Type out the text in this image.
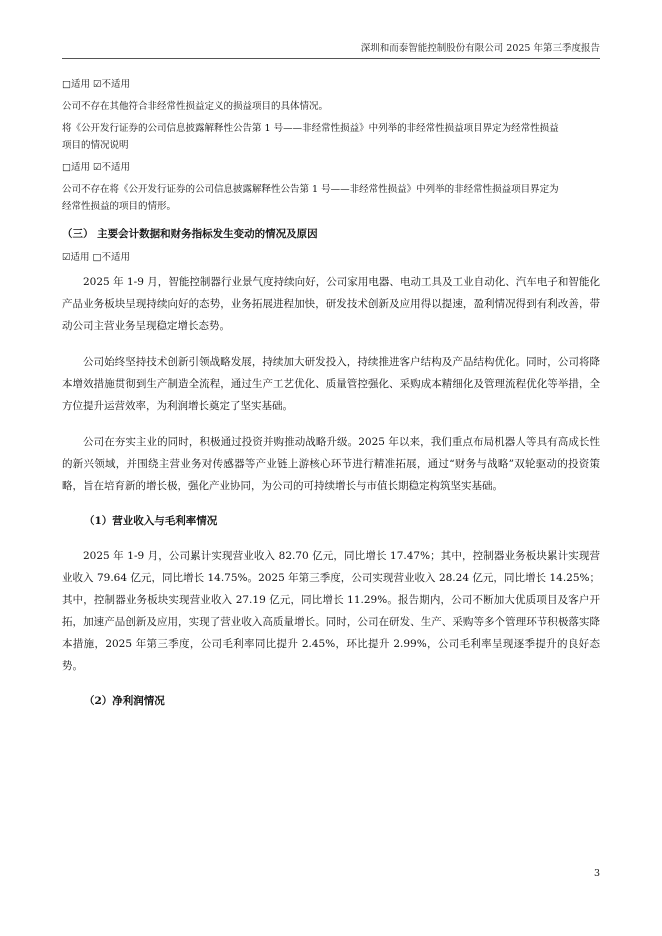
深圳和而泰智能控制股份有限公司 2025 年第三季度报告

□适用 ☑不适用

公司不存在其他符合非经常性损益定义的损益项目的具体情况。

将《公开发行证券的公司信息披露解释性公告第 1 号——非经常性损益》中列举的非经常性损益项目界定为经常性损益

项目的情况说明

□适用 ☑不适用

公司不存在将《公开发行证券的公司信息披露解释性公告第 1 号——非经常性损益》中列举的非经常性损益项目界定为

经常性损益的项目的情形。

（三） 主要会计数据和财务指标发生变动的情况及原因

☑适用 □不适用

2025 年 1-9 月，智能控制器行业景气度持续向好，公司家用电器、电动工具及工业自动化、汽车电子和智能化产品业务板块呈现持续向好的态势，业务拓展进程加快，研发技术创新及应用得以提速，盈利情况得到有利改善，带动公司主营业务呈现稳定增长态势。

公司始终坚持技术创新引领战略发展，持续加大研发投入，持续推进客户结构及产品结构优化。同时，公司将降本增效措施贯彻到生产制造全流程，通过生产工艺优化、质量管控强化、采购成本精细化及管理流程优化等举措，全方位提升运营效率，为利润增长奠定了坚实基础。

公司在夯实主业的同时，积极通过投资并购推动战略升级。2025 年以来，我们重点布局机器人等具有高成长性的新兴领域，并围绕主营业务对传感器等产业链上游核心环节进行精准拓展，通过“财务与战略”双轮驱动的投资策略，旨在培育新的增长极，强化产业协同，为公司的可持续增长与市值长期稳定构筑坚实基础。

（1）营业收入与毛利率情况

2025 年 1-9 月，公司累计实现营业收入 82.70 亿元，同比增长 17.47%；其中，控制器业务板块累计实现营业收入 79.64 亿元，同比增长 14.75%。2025 年第三季度，公司实现营业收入 28.24 亿元，同比增长 14.25%；其中，控制器业务板块实现营业收入 27.19 亿元，同比增长 11.29%。报告期内，公司不断加大优质项目及客户开拓，加速产品创新及应用，实现了营业收入高质量增长。同时，公司在研发、生产、采购等多个管理环节积极落实降本措施，2025 年第三季度，公司毛利率同比提升 2.45%，环比提升 2.99%，公司毛利率呈现逐季提升的良好态势。

（2）净利润情况

3
